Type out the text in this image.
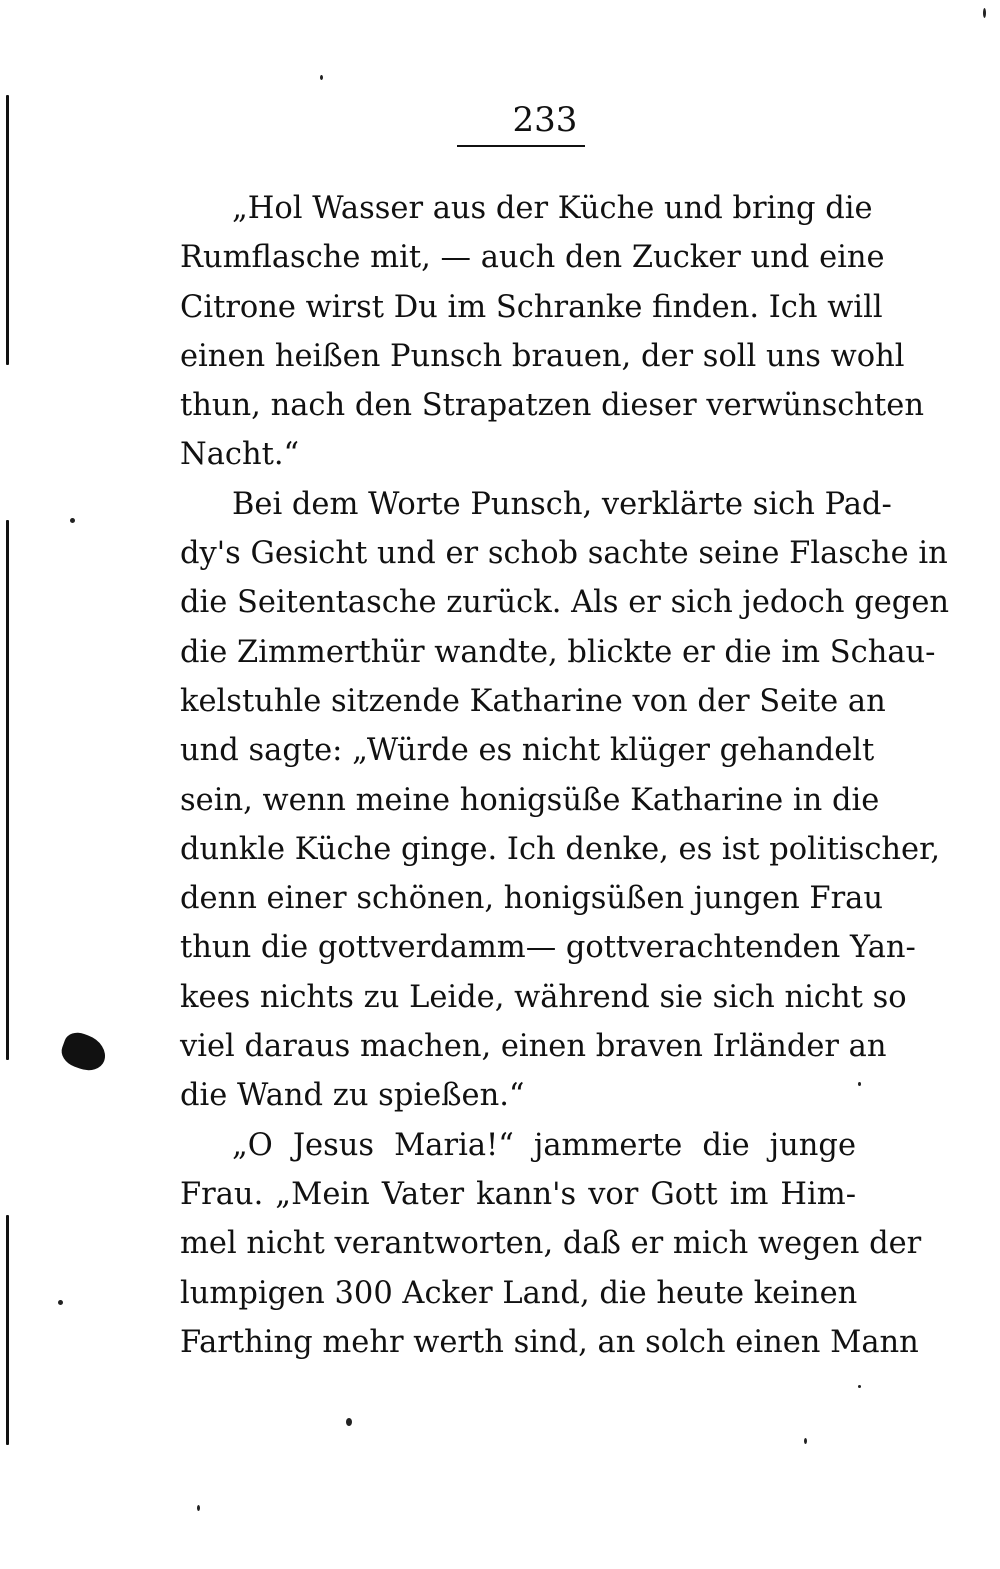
233
„Hol Wasser aus der Küche und bring die
Rumflasche mit, — auch den Zucker und eine
Citrone wirst Du im Schranke finden. Ich will
einen heißen Punsch brauen, der soll uns wohl
thun, nach den Strapatzen dieser verwünschten
Nacht.“
Bei dem Worte Punsch, verklärte sich Pad-
dy's Gesicht und er schob sachte seine Flasche in
die Seitentasche zurück. Als er sich jedoch gegen
die Zimmerthür wandte, blickte er die im Schau-
kelstuhle sitzende Katharine von der Seite an
und sagte: „Würde es nicht klüger gehandelt
sein, wenn meine honigsüße Katharine in die
dunkle Küche ginge. Ich denke, es ist politischer,
denn einer schönen, honigsüßen jungen Frau
thun die gottverdamm— gottverachtenden Yan-
kees nichts zu Leide, während sie sich nicht so
viel daraus machen, einen braven Irländer an
die Wand zu spießen.“
„O Jesus Maria!“ jammerte die junge
Frau. „Mein Vater kann's vor Gott im Him-
mel nicht verantworten, daß er mich wegen der
lumpigen 300 Acker Land, die heute keinen
Farthing mehr werth sind, an solch einen Mann
